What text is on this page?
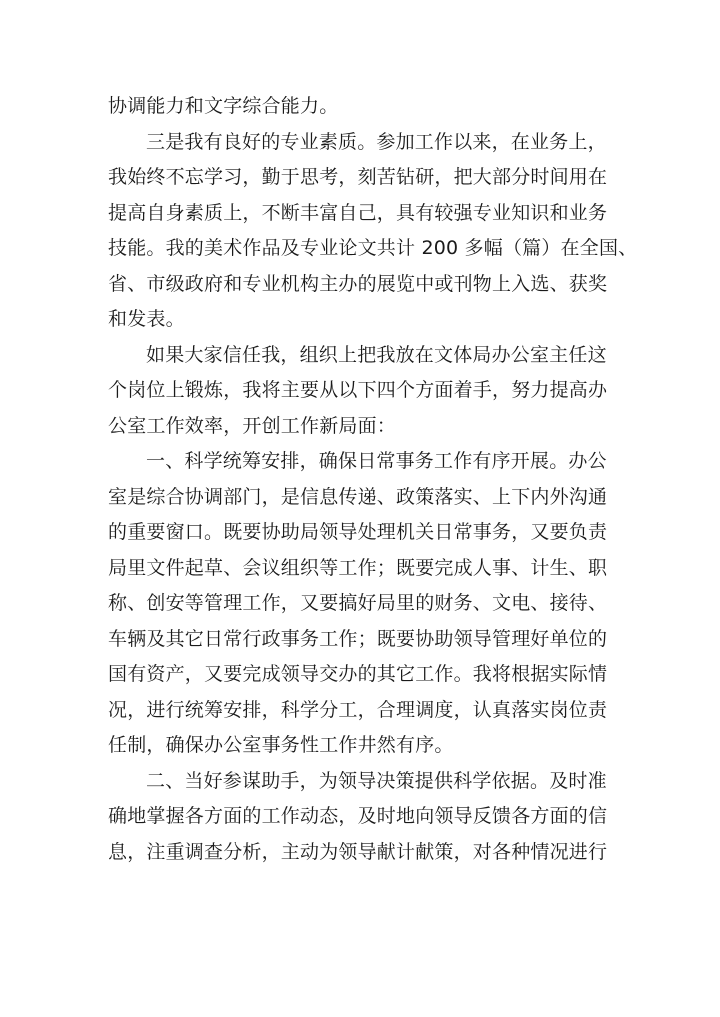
协调能力和文字综合能力。
三是我有良好的专业素质。参加工作以来，在业务上，
我始终不忘学习，勤于思考，刻苦钻研，把大部分时间用在
提高自身素质上，不断丰富自己，具有较强专业知识和业务
技能。我的美术作品及专业论文共计 200 多幅（篇）在全国、
省、市级政府和专业机构主办的展览中或刊物上入选、获奖
和发表。
如果大家信任我，组织上把我放在文体局办公室主任这
个岗位上锻炼，我将主要从以下四个方面着手，努力提高办
公室工作效率，开创工作新局面：
一、科学统筹安排，确保日常事务工作有序开展。办公
室是综合协调部门，是信息传递、政策落实、上下内外沟通
的重要窗口。既要协助局领导处理机关日常事务，又要负责
局里文件起草、会议组织等工作；既要完成人事、计生、职
称、创安等管理工作，又要搞好局里的财务、文电、接待、
车辆及其它日常行政事务工作；既要协助领导管理好单位的
国有资产，又要完成领导交办的其它工作。我将根据实际情
况，进行统筹安排，科学分工，合理调度，认真落实岗位责
任制，确保办公室事务性工作井然有序。
二、当好参谋助手，为领导决策提供科学依据。及时准
确地掌握各方面的工作动态，及时地向领导反馈各方面的信
息，注重调查分析，主动为领导献计献策，对各种情况进行
